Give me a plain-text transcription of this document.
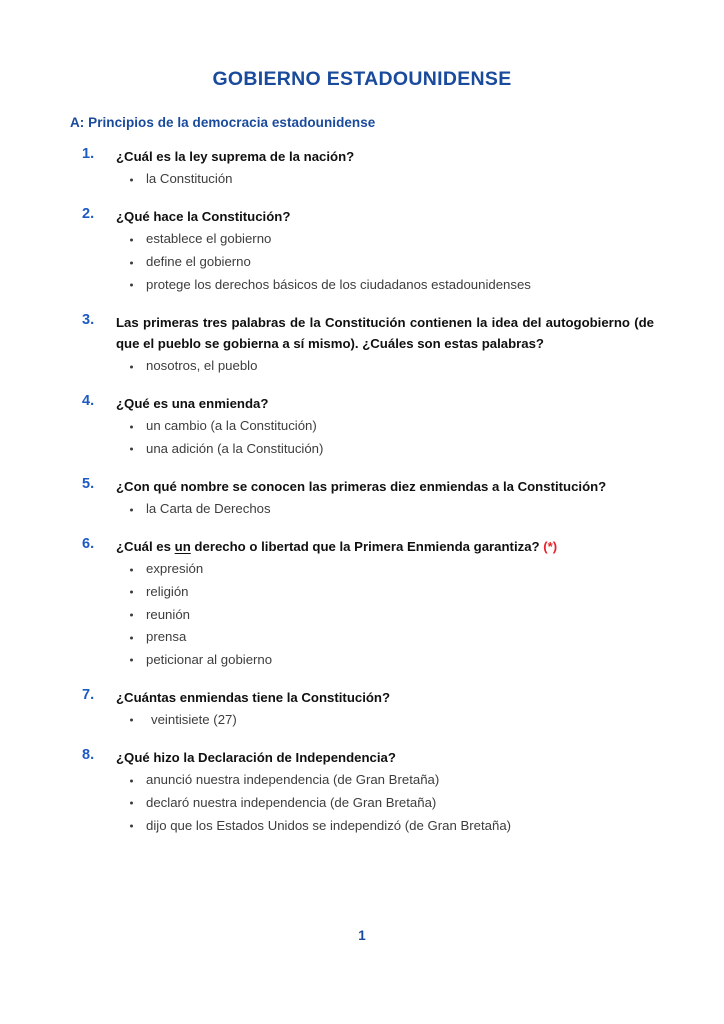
GOBIERNO ESTADOUNIDENSE
A: Principios de la democracia estadounidense
1.	¿Cuál es la ley suprema de la nación?

la Constitución
2.	¿Qué hace la Constitución?

establece el gobierno
define el gobierno
protege los derechos básicos de los ciudadanos estadounidenses
3.	Las primeras tres palabras de la Constitución contienen la idea del autogobierno (de que el pueblo se gobierna a sí mismo). ¿Cuáles son estas palabras?

nosotros, el pueblo
4.	¿Qué es una enmienda?

un cambio (a la Constitución)
una adición (a la Constitución)
5.	¿Con qué nombre se conocen las primeras diez enmiendas a la Constitución?

la Carta de Derechos
6.	¿Cuál es un derecho o libertad que la Primera Enmienda garantiza? (*)

expresión
religión
reunión
prensa
peticionar al gobierno
7.	¿Cuántas enmiendas tiene la Constitución?

veintisiete (27)
8.	¿Qué hizo la Declaración de Independencia?

anunció nuestra independencia (de Gran Bretaña)
declaró nuestra independencia (de Gran Bretaña)
dijo que los Estados Unidos se independizó (de Gran Bretaña)
1
